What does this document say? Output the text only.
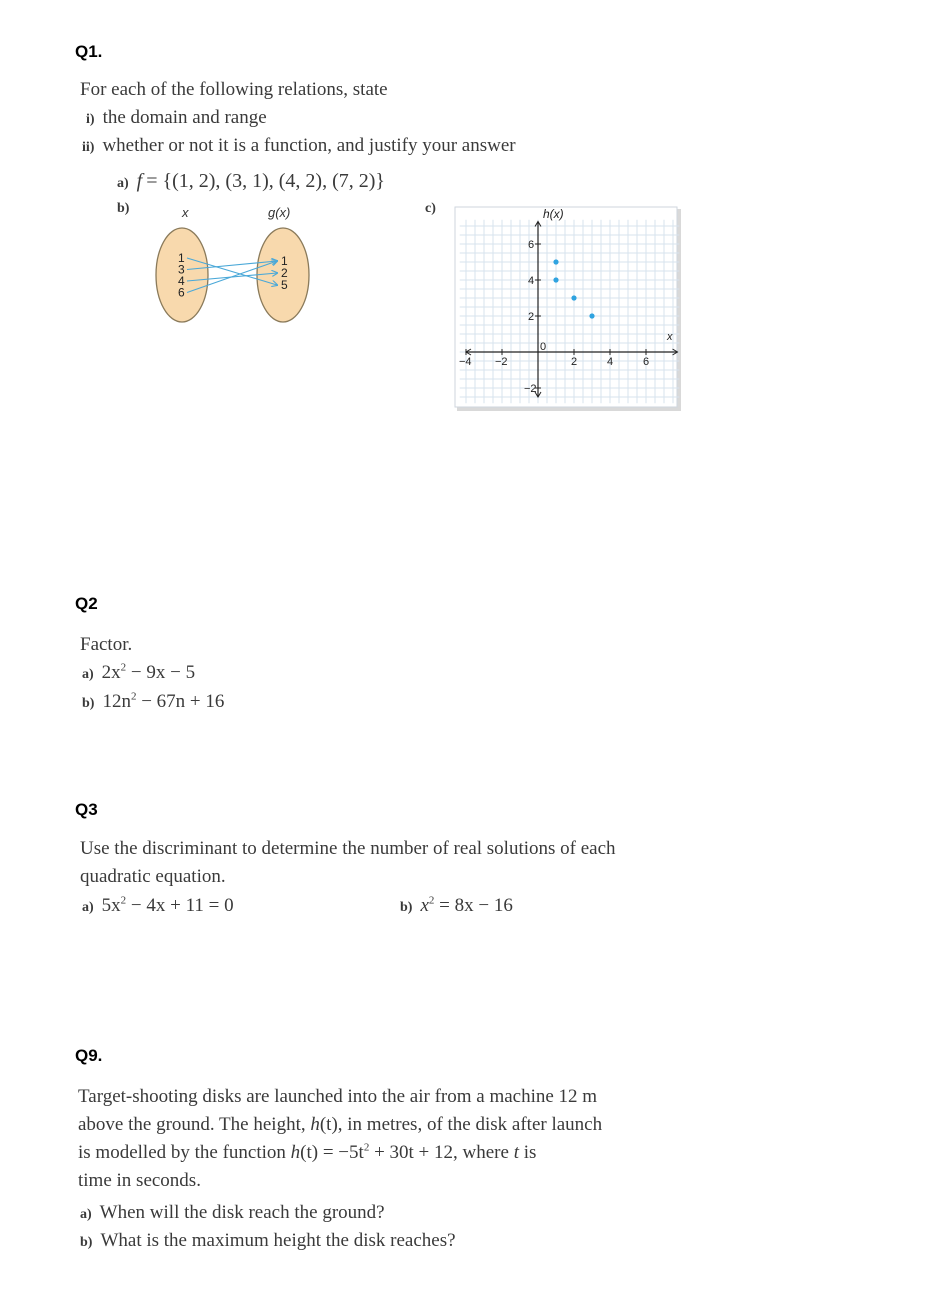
Q1.
For each of the following relations, state
i) the domain and range
ii) whether or not it is a function, and justify your answer
a) f = {(1, 2), (3, 1), (4, 2), (7, 2)}
b)	c)
x	g(x)
1
3
4
6
1
2
5
−4 −2	2	4	6
6
4
2
−2
0
h(x)
x
Q2
Factor.
a) $2x^2 - 9x - 5$
b) $12n^2 - 67n + 16$
Q3
Use the discriminant to determine the number of real solutions of each
quadratic equation.
a) $5x^2 - 4x + 11 = 0$	b) $x^2 = 8x - 16$
Q9.
Target-shooting disks are launched into the air from a machine 12 m
above the ground. The height, h(t), in metres, of the disk after launch
is modelled by the function $h(t) = -5t^2 + 30t + 12$, where t is
time in seconds.
a) When will the disk reach the ground?
b) What is the maximum height the disk reaches?
